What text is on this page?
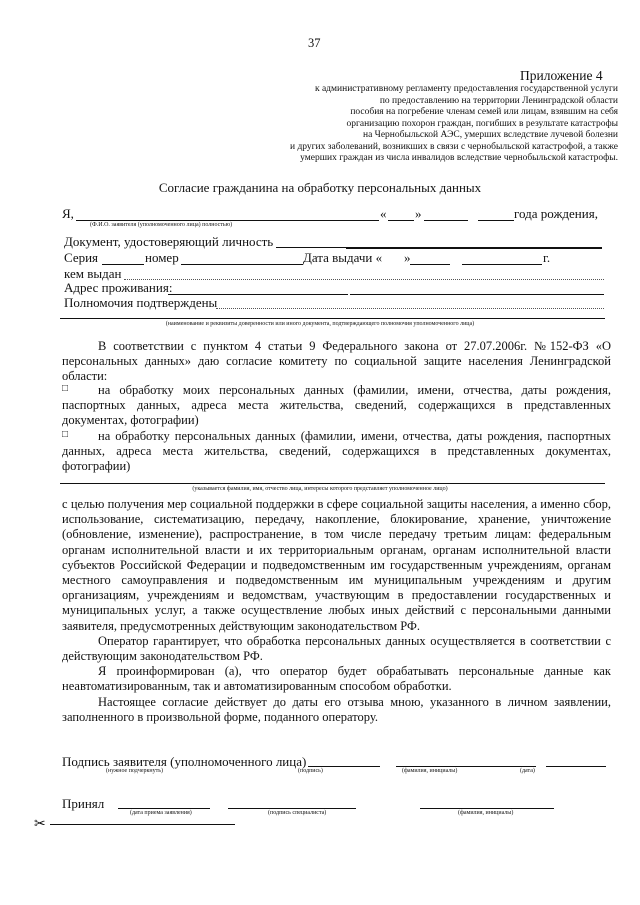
37
Приложение 4
к административному регламенту предоставления государственной услуги
по предоставлению на территории Ленинградской области
пособия на погребение членам семей или лицам, взявшим на себя
организацию похорон граждан, погибших в результате катастрофы
на Чернобыльской АЭС, умерших вследствие лучевой болезни
и других заболеваний, возникших в связи с чернобыльской катастрофой, а также
умерших граждан из числа инвалидов вследствие чернобыльской катастрофы.
Согласие гражданина на обработку персональных данных
Я,	« »	года рождения,
(Ф.И.О. заявителя (уполномоченного лица) полностью)
Документ, удостоверяющий личность
Серия	номер	Дата выдачи « »	г.
кем выдан
Адрес проживания:
Полномочия подтверждены
(наименование и реквизиты доверенности или иного документа, подтверждающего полномочия уполномоченного лица)

В соответствии с пунктом 4 статьи 9 Федерального закона от 27.07.2006г. №152-ФЗ «О персональных данных» даю согласие комитету по социальной защите населения Ленинградской области:

□	на обработку моих персональных данных (фамилии, имени, отчества, даты рождения, паспортных данных, адреса места жительства, сведений, содержащихся в представленных документах, фотографии)

□	на обработку персональных данных (фамилии, имени, отчества, даты рождения, паспортных данных, адреса места жительства, сведений, содержащихся в представленных документах, фотографии)

(указывается фамилия, имя, отчество лица, интересы которого представляет уполномоченное лицо)

с целью получения мер социальной поддержки в сфере социальной защиты населения, а именно сбор, использование, систематизацию, передачу, накопление, блокирование, хранение, уничтожение (обновление, изменение), распространение, в том числе передачу третьим лицам: федеральным органам исполнительной власти и их территориальным органам, органам исполнительной власти субъектов Российской Федерации и подведомственным им государственным учреждениям, органам местного самоуправления и подведомственным им муниципальным учреждениям и другим организациям, учреждениям и ведомствам, участвующим в предоставлении государственных и муниципальных услуг, а также осуществление любых иных действий с персональными данными заявителя, предусмотренных действующим законодательством РФ.

Оператор гарантирует, что обработка персональных данных осуществляется в соответствии с действующим законодательством РФ.

Я проинформирован (а), что оператор будет обрабатывать персональные данные как неавтоматизированным, так и автоматизированным способом обработки.

Настоящее согласие действует до даты его отзыва мною, указанного в личном заявлении, заполненного в произвольной форме, поданного оператору.

Подпись заявителя (уполномоченного лица)
(нужное подчеркнуть)	(подпись)	(фамилия, инициалы)	(дата)
Принял
(дата приема заявления)	(подпись специалиста)	(фамилия, инициалы)
✂
